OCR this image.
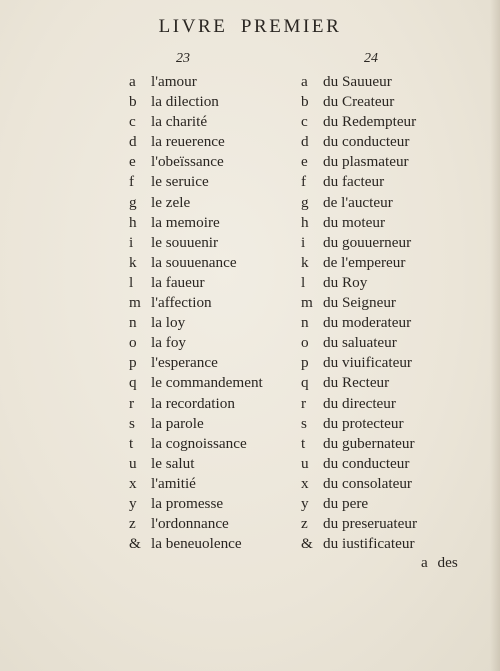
LIVRE PREMIER
23	24
a l'amour
b la dilection
c la charité
d la reuerence
e l'obeïssance
f le seruice
g le zele
h la memoire
i le souuenir
k la souuenance
l la faueur
m l'affection
n la loy
o la foy
p l'esperance
q le commandement
r la recordation
s la parole
t la cognoissance
u le salut
x l'amitié
y la promesse
z l'ordonnance
& la beneuolence
a du Sauueur
b du Createur
c du Redempteur
d du conducteur
e du plasmateur
f du facteur
g de l'aucteur
h du moteur
i du gouuerneur
k de l'empereur
l du Roy
m du Seigneur
n du moderateur
o du saluateur
p du viuificateur
q du Recteur
r du directeur
s du protecteur
t du gubernateur
u du conducteur
x du consolateur
y du pere
z du preseruateur
& du iustificateur
a des
